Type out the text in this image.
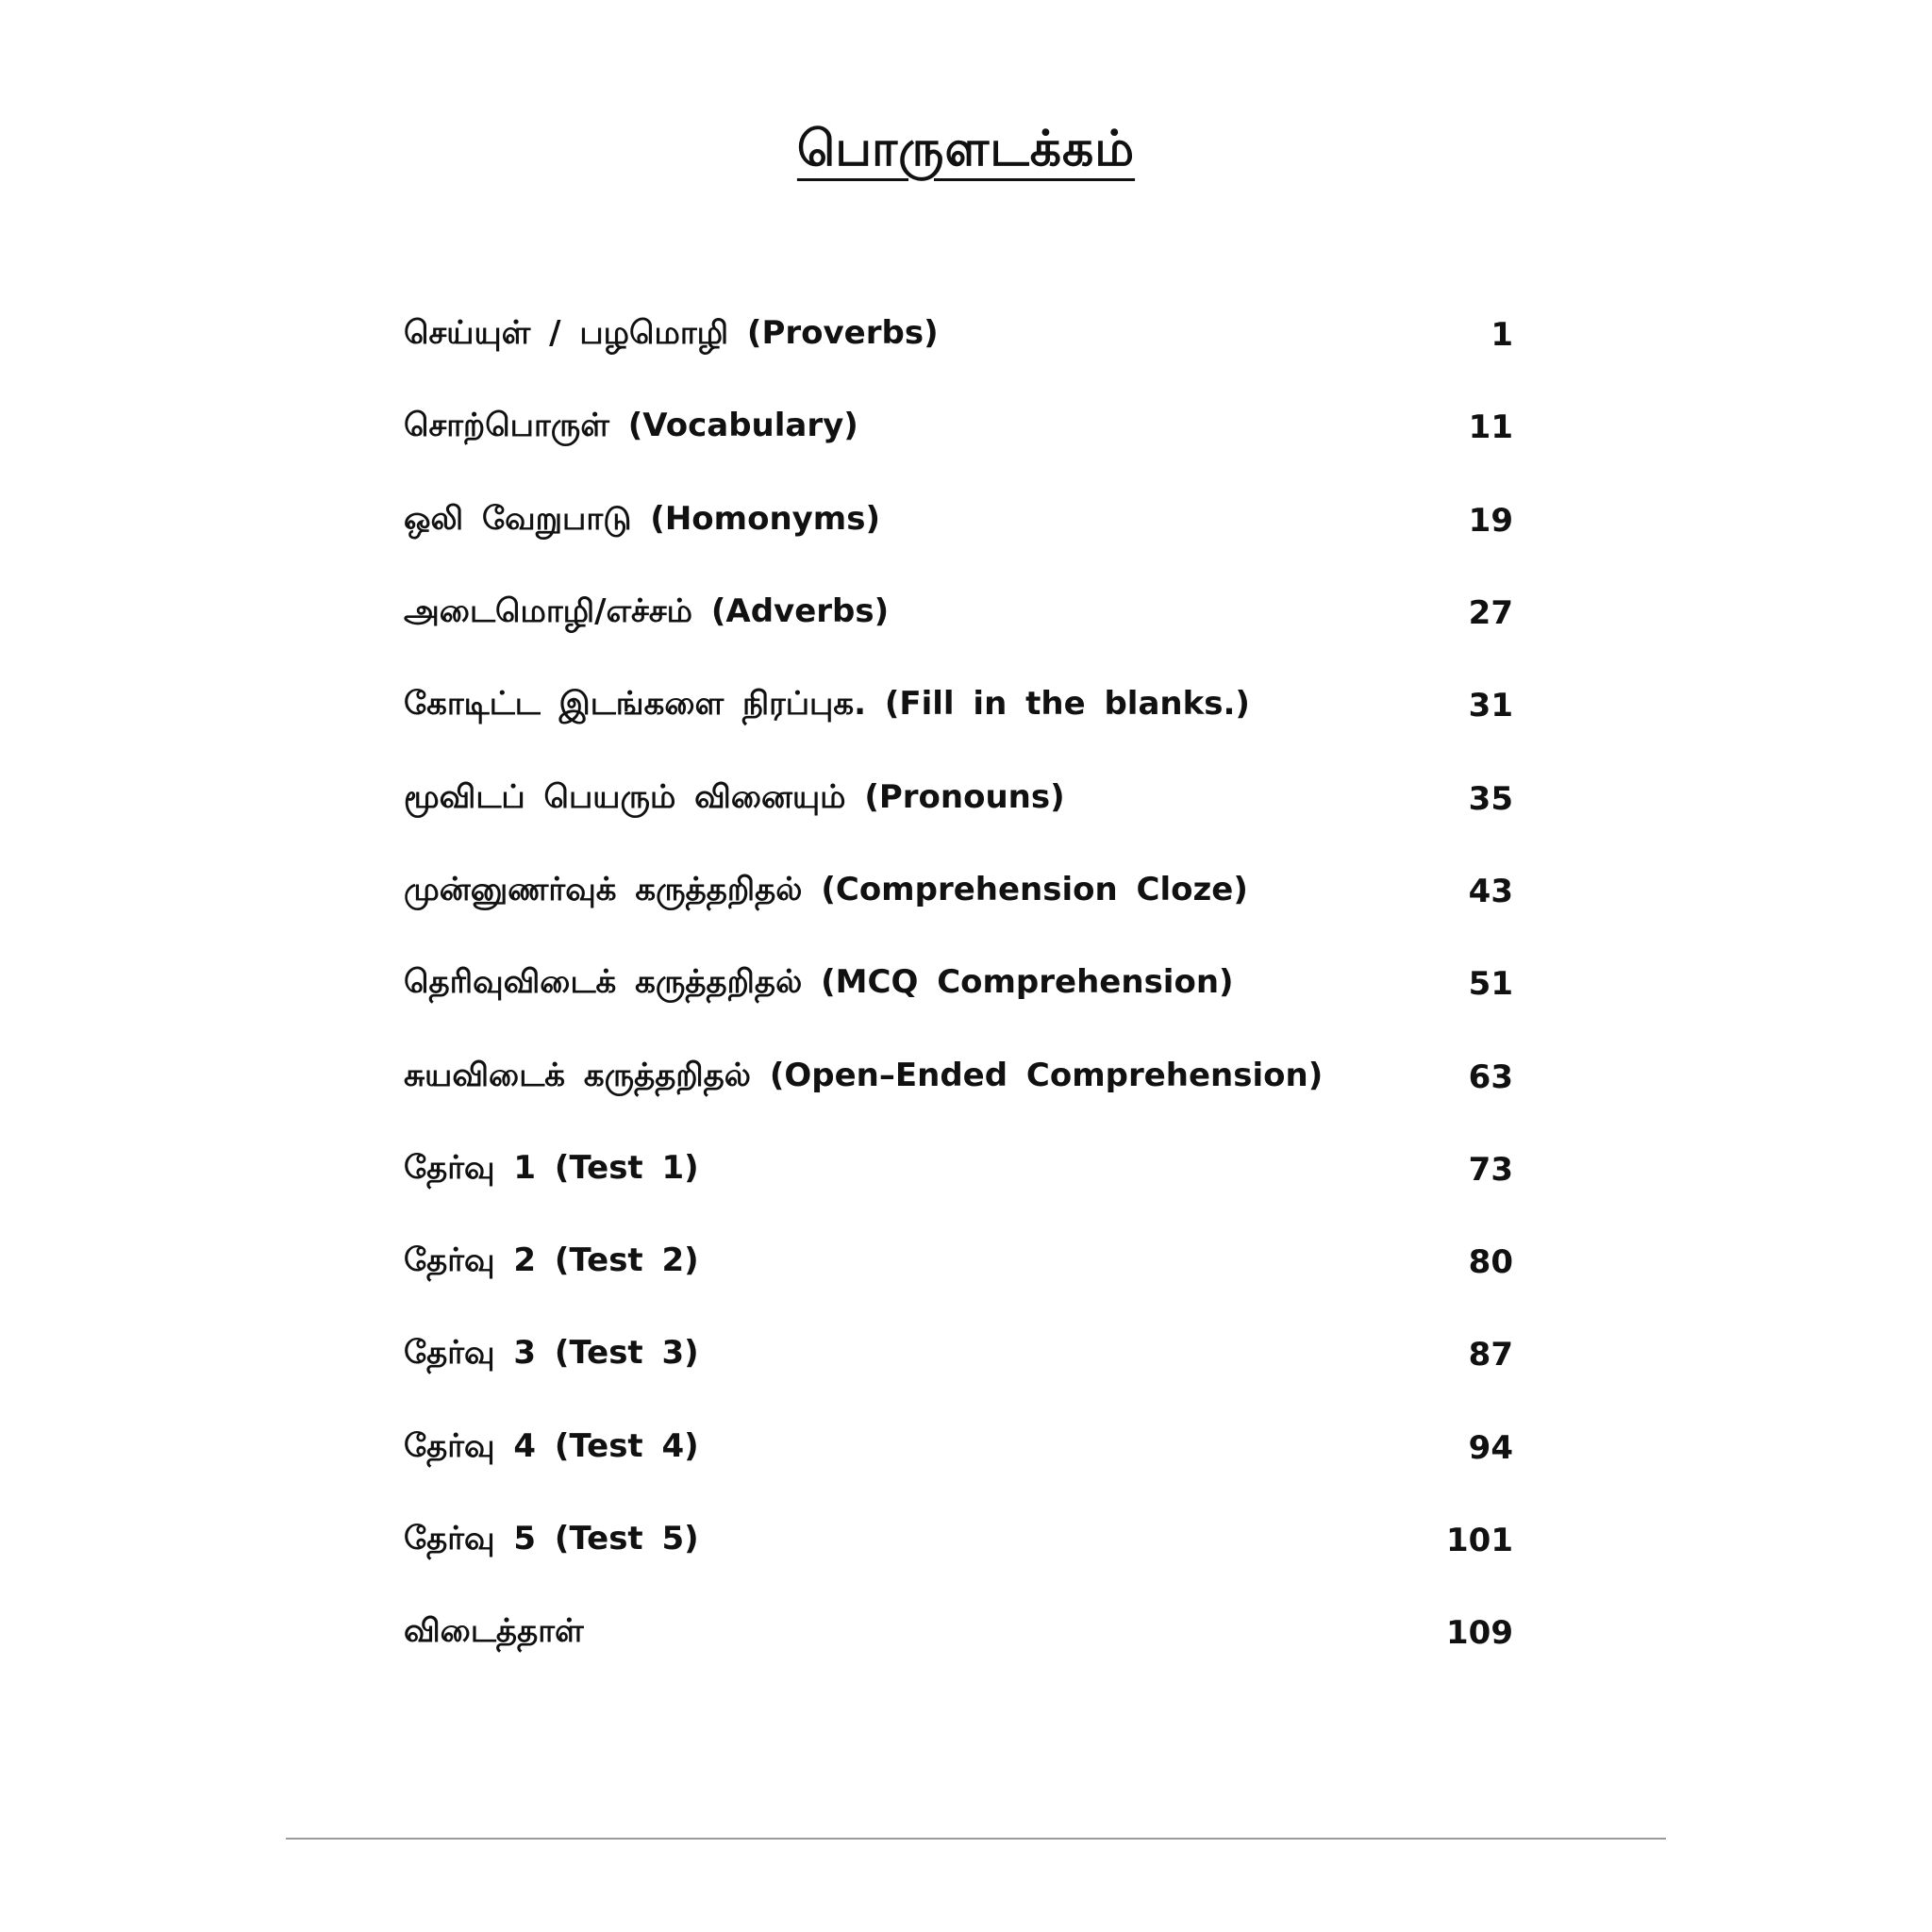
பொருளடக்கம்
செய்யுள் / பழமொழி (Proverbs)	1
சொற்பொருள் (Vocabulary)	11
ஒலி வேறுபாடு (Homonyms)	19
அடைமொழி/எச்சம் (Adverbs)	27
கோடிட்ட இடங்களை நிரப்புக. (Fill in the blanks.)	31
மூவிடப் பெயரும் வினையும் (Pronouns)	35
முன்னுணர்வுக் கருத்தறிதல் (Comprehension Cloze)	43
தெரிவுவிடைக் கருத்தறிதல் (MCQ Comprehension)	51
சுயவிடைக் கருத்தறிதல் (Open–Ended Comprehension)	63
தேர்வு 1 (Test 1)	73
தேர்வு 2 (Test 2)	80
தேர்வு 3 (Test 3)	87
தேர்வு 4 (Test 4)	94
தேர்வு 5 (Test 5)	101
விடைத்தாள்	109
